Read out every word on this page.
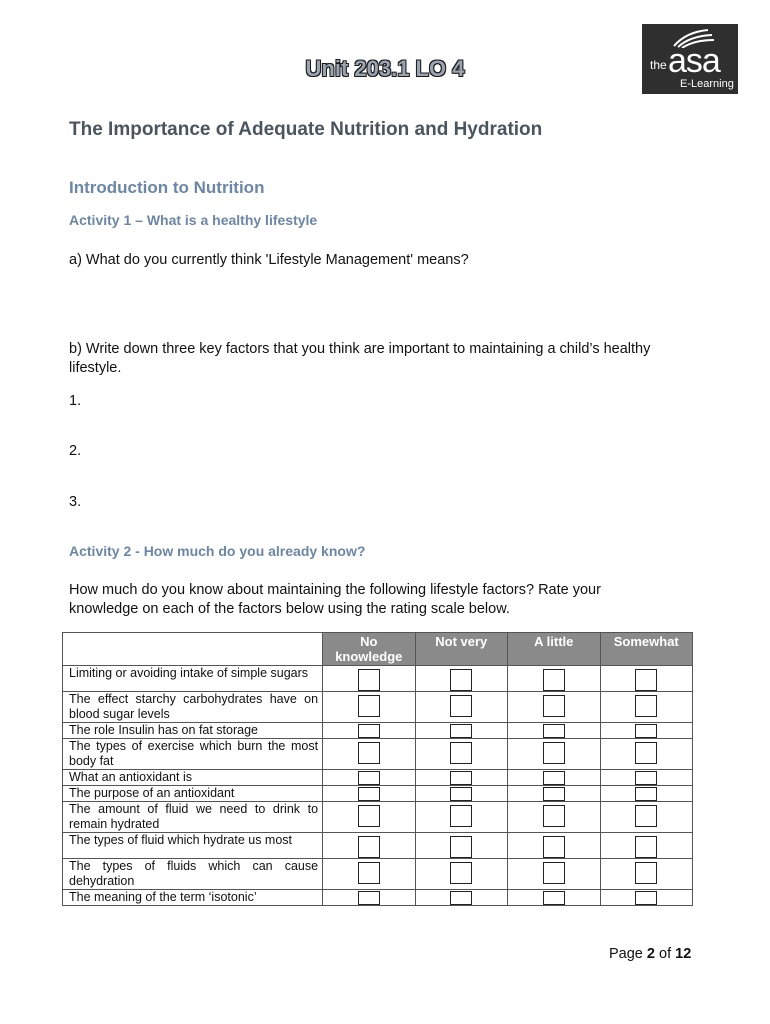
the asa
E-Learning
Unit 203.1 LO 4
The Importance of Adequate Nutrition and Hydration
Introduction to Nutrition
Activity 1 – What is a healthy lifestyle
a) What do you currently think 'Lifestyle Management' means?
b) Write down three key factors that you think are important to maintaining a child’s healthy
lifestyle.
1.
2.
3.
Activity 2 - How much do you already know?
How much do you know about maintaining the following lifestyle factors? Rate your
knowledge on each of the factors below using the rating scale below.
	No knowledge	Not very	A little	Somewhat
Limiting or avoiding intake of simple sugars				
The effect starchy carbohydrates have on blood sugar levels				
The role Insulin has on fat storage				
The types of exercise which burn the most body fat				
What an antioxidant is				
The purpose of an antioxidant				
The amount of fluid we need to drink to remain hydrated				
The types of fluid which hydrate us most				
The types of fluids which can cause dehydration				
The meaning of the term ‘isotonic’				
Page 2 of 12
